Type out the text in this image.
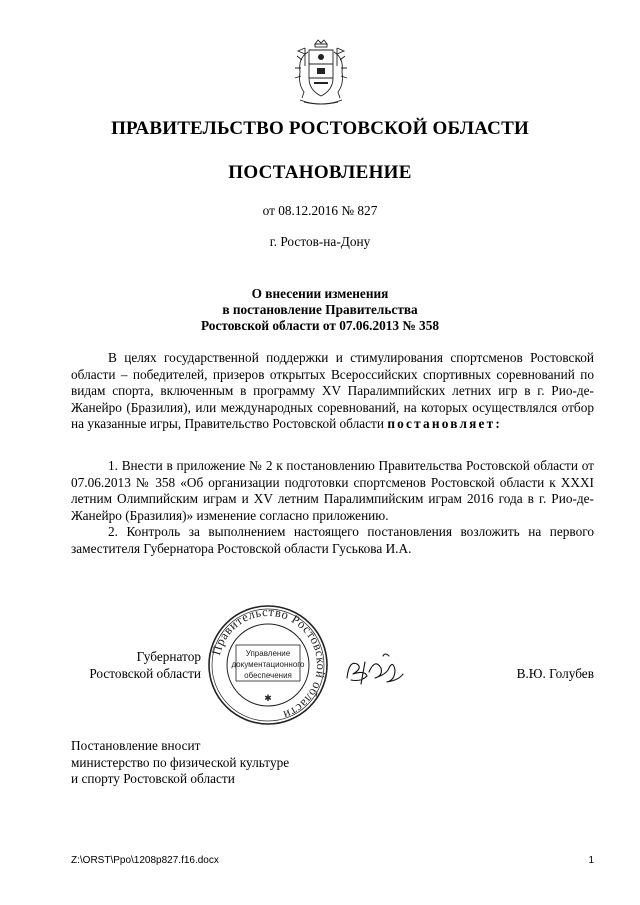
ПРАВИТЕЛЬСТВО РОСТОВСКОЙ ОБЛАСТИ
ПОСТАНОВЛЕНИЕ
от 08.12.2016 № 827
г. Ростов-на-Дону
О внесении изменения
в постановление Правительства
Ростовской области от 07.06.2013 № 358

В целях государственной поддержки и стимулирования спортсменов Ростовской области – победителей, призеров открытых Всероссийских спортивных соревнований по видам спорта, включенным в программу XV Паралимпийских летних игр в г. Рио-де-Жанейро (Бразилия), или международных соревнований, на которых осуществлялся отбор на указанные игры, Правительство Ростовской области постановляет:

1. Внести в приложение № 2 к постановлению Правительства Ростовской области от 07.06.2013 № 358 «Об организации подготовки спортсменов Ростовской области к XXXI летним Олимпийским играм и XV летним Паралимпийским играм 2016 года в г. Рио-де-Жанейро (Бразилия)» изменение согласно приложению.

2. Контроль за выполнением настоящего постановления возложить на первого заместителя Губернатора Ростовской области Гуськова И.А.

Губернатор
Ростовской области
Правительство Ростовской области
Управление
документационного
обеспечения
✱
В.Ю. Голубев
Постановление вносит
министерство по физической культуре
и спорту Ростовской области
Z:\ORST\Ppo\1208p827.f16.docx	1
